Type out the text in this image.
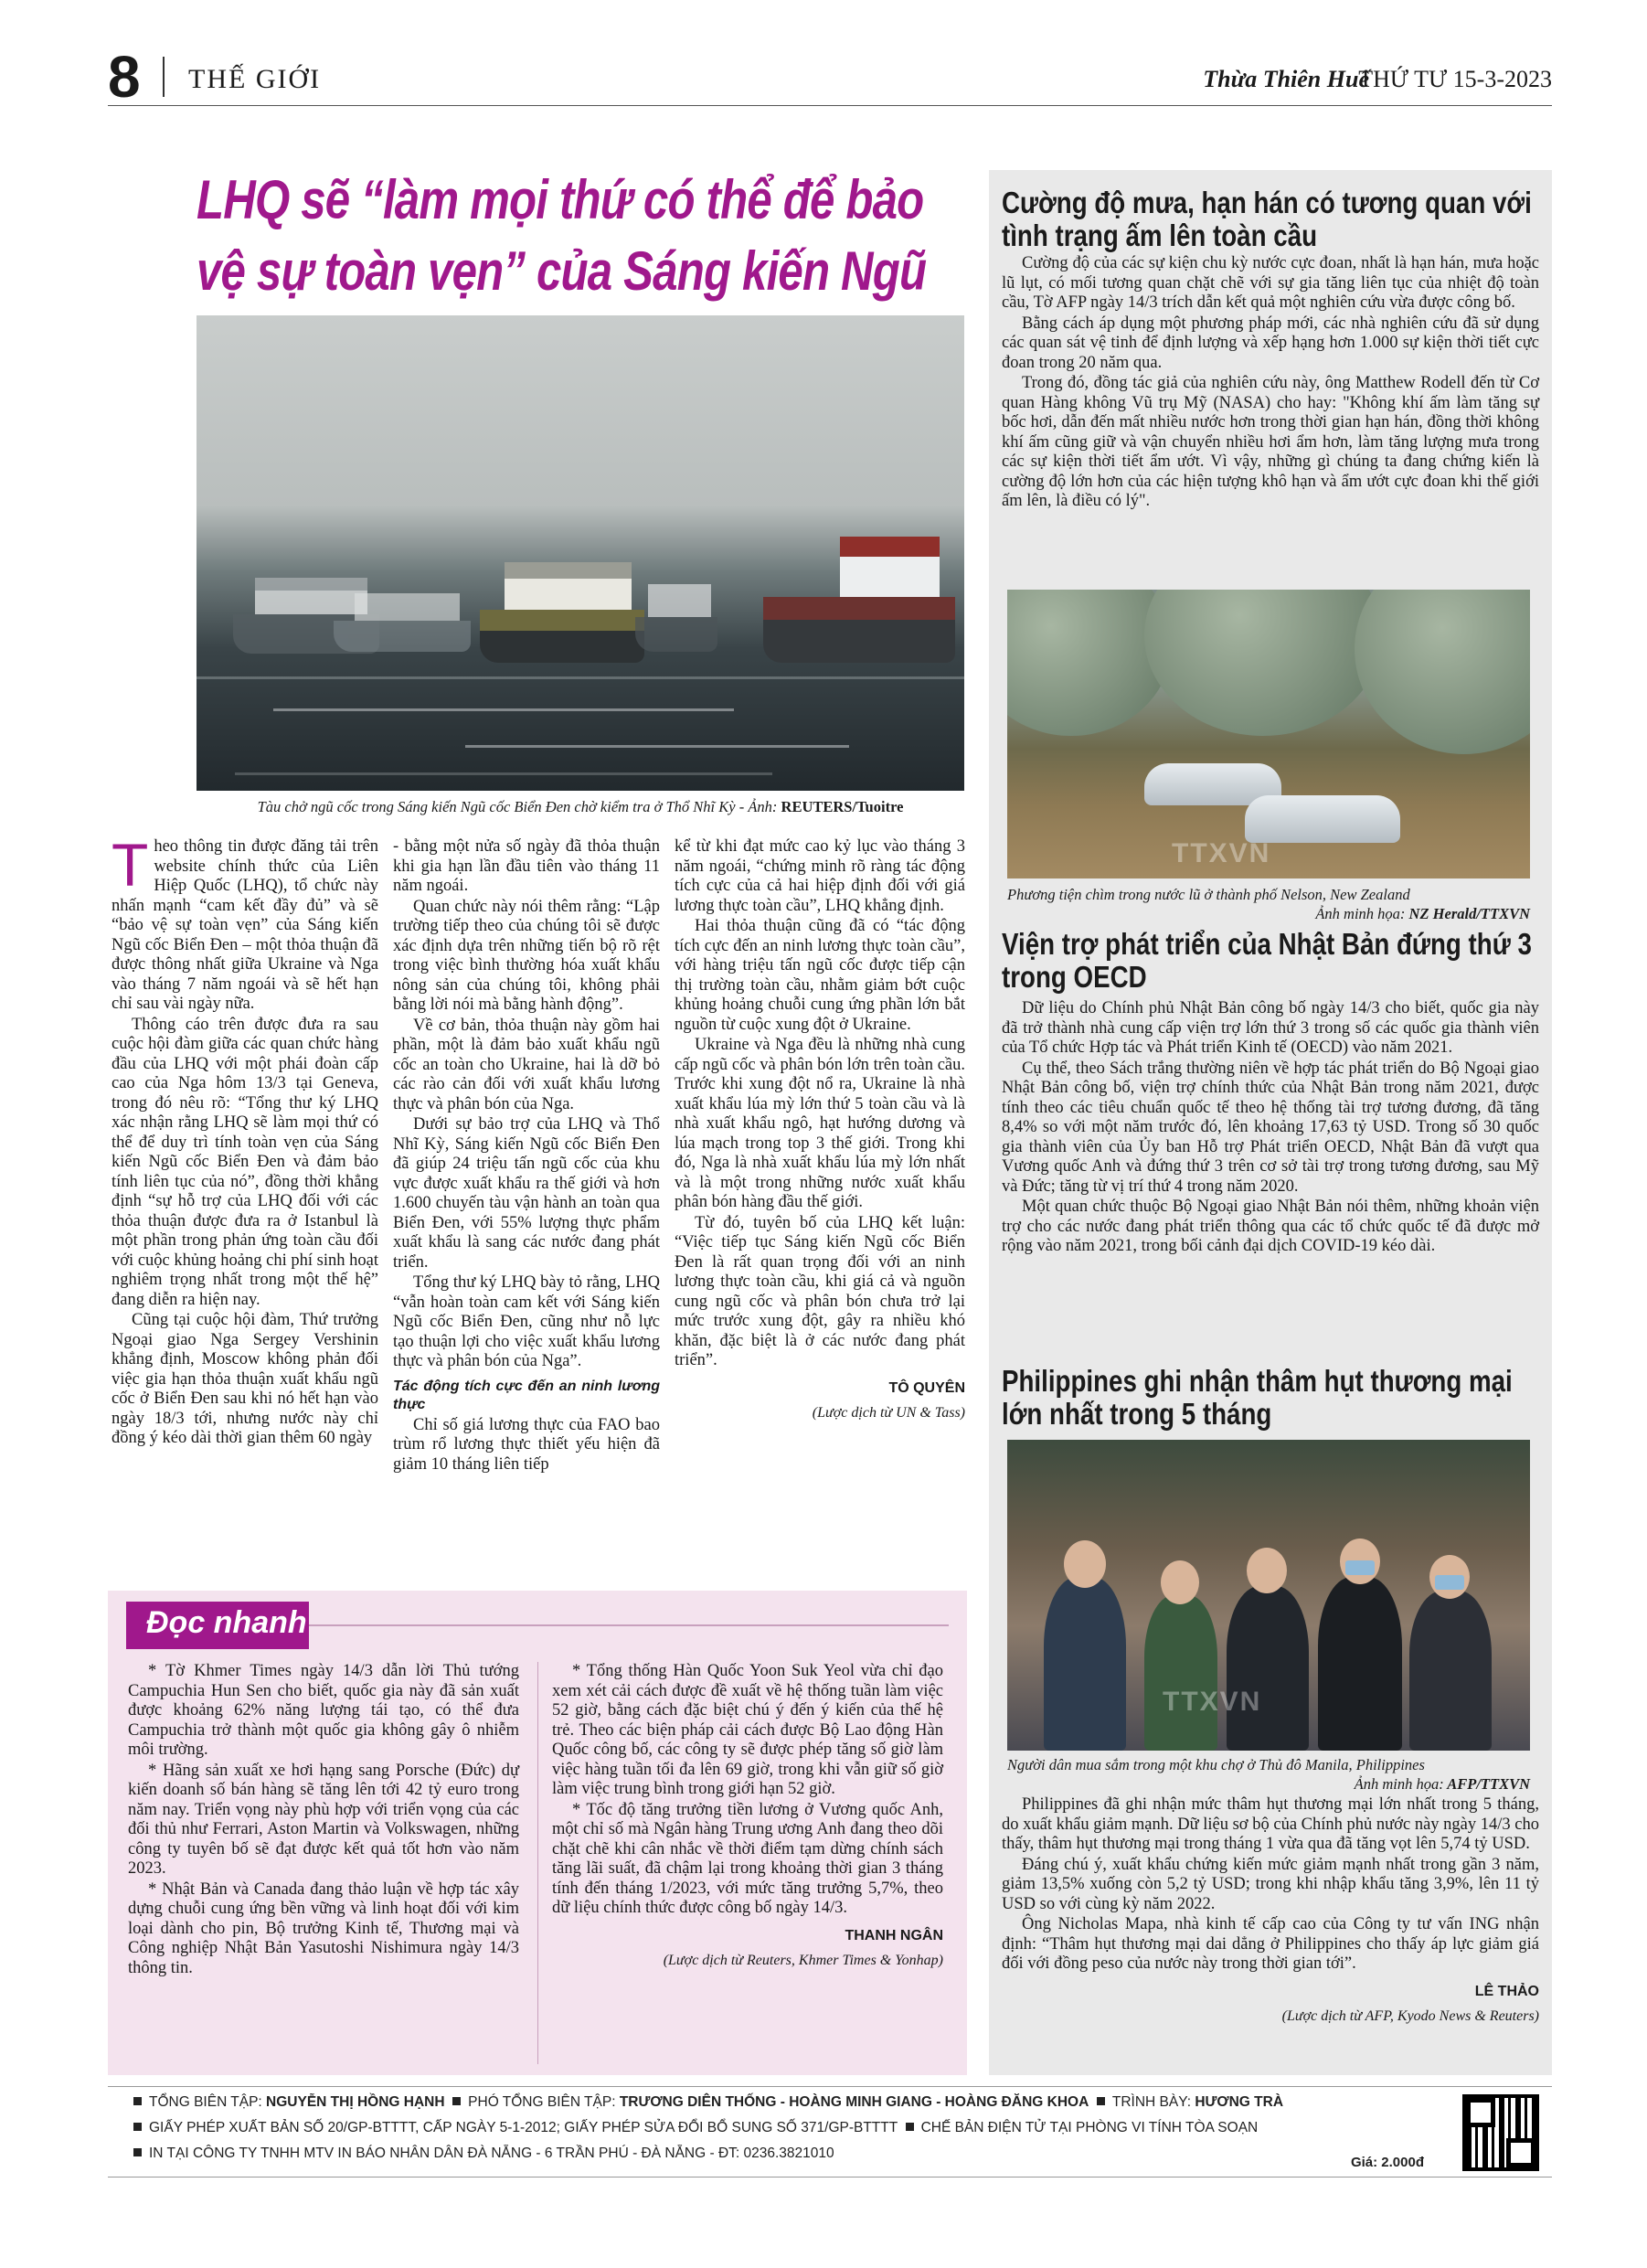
8 THẾ GIỚI	Thừa Thiên Huế
THỨ TƯ 15-3-2023
LHQ sẽ “làm mọi thứ có thể để bảo vệ sự toàn vẹn” của Sáng kiến Ngũ
Tàu chở ngũ cốc trong Sáng kiến Ngũ cốc Biển Đen chờ kiểm tra ở Thổ Nhĩ Kỳ - Ảnh: REUTERS/Tuoitre

Theo thông tin được đăng tải trên website chính thức của Liên Hiệp Quốc (LHQ), tổ chức này nhấn mạnh “cam kết đầy đủ” và sẽ “bảo vệ sự toàn vẹn” của Sáng kiến Ngũ cốc Biển Đen – một thỏa thuận đã được thông nhất giữa Ukraine và Nga vào tháng 7 năm ngoái và sẽ hết hạn chỉ sau vài ngày nữa.

Thông cáo trên được đưa ra sau cuộc hội đàm giữa các quan chức hàng đầu của LHQ với một phái đoàn cấp cao của Nga hôm 13/3 tại Geneva, trong đó nêu rõ: “Tổng thư ký LHQ xác nhận rằng LHQ sẽ làm mọi thứ có thể để duy trì tính toàn vẹn của Sáng kiến Ngũ cốc Biển Đen và đảm bảo tính liên tục của nó”, đồng thời khẳng định “sự hỗ trợ của LHQ đối với các thỏa thuận được đưa ra ở Istanbul là một phần trong phản ứng toàn cầu đối với cuộc khủng hoảng chi phí sinh hoạt nghiêm trọng nhất trong một thế hệ” đang diễn ra hiện nay.

Cũng tại cuộc hội đàm, Thứ trưởng Ngoại giao Nga Sergey Vershinin khẳng định, Moscow không phản đối việc gia hạn thỏa thuận xuất khẩu ngũ cốc ở Biển Đen sau khi nó hết hạn vào ngày 18/3 tới, nhưng nước này chỉ đồng ý kéo dài thời gian thêm 60 ngày

- bằng một nửa số ngày đã thỏa thuận khi gia hạn lần đầu tiên vào tháng 11 năm ngoái.

Quan chức này nói thêm rằng: “Lập trường tiếp theo của chúng tôi sẽ được xác định dựa trên những tiến bộ rõ rệt trong việc bình thường hóa xuất khẩu nông sản của chúng tôi, không phải bằng lời nói mà bằng hành động”.

Về cơ bản, thỏa thuận này gồm hai phần, một là đảm bảo xuất khẩu ngũ cốc an toàn cho Ukraine, hai là dỡ bỏ các rào cản đối với xuất khẩu lương thực và phân bón của Nga.

Dưới sự bảo trợ của LHQ và Thổ Nhĩ Kỳ, Sáng kiến Ngũ cốc Biển Đen đã giúp 24 triệu tấn ngũ cốc của khu vực được xuất khẩu ra thế giới và hơn 1.600 chuyến tàu vận hành an toàn qua Biển Đen, với 55% lượng thực phẩm xuất khẩu là sang các nước đang phát triển.

Tổng thư ký LHQ bày tỏ rằng, LHQ “vẫn hoàn toàn cam kết với Sáng kiến Ngũ cốc Biển Đen, cũng như nỗ lực tạo thuận lợi cho việc xuất khẩu lương thực và phân bón của Nga”.

Tác động tích cực đến an ninh lương thực

Chỉ số giá lương thực của FAO bao trùm rổ lương thực thiết yếu hiện đã giảm 10 tháng liên tiếp

kể từ khi đạt mức cao kỷ lục vào tháng 3 năm ngoái, “chứng minh rõ ràng tác động tích cực của cả hai hiệp định đối với giá lương thực toàn cầu”, LHQ khẳng định.

Hai thỏa thuận cũng đã có “tác động tích cực đến an ninh lương thực toàn cầu”, với hàng triệu tấn ngũ cốc được tiếp cận thị trường toàn cầu, nhằm giảm bớt cuộc khủng hoảng chuỗi cung ứng phần lớn bắt nguồn từ cuộc xung đột ở Ukraine.

Ukraine và Nga đều là những nhà cung cấp ngũ cốc và phân bón lớn trên toàn cầu. Trước khi xung đột nổ ra, Ukraine là nhà xuất khẩu lúa mỳ lớn thứ 5 toàn cầu và là nhà xuất khẩu ngô, hạt hướng dương và lúa mạch trong top 3 thế giới. Trong khi đó, Nga là nhà xuất khẩu lúa mỳ lớn nhất và là một trong những nước xuất khẩu phân bón hàng đầu thế giới.

Từ đó, tuyên bố của LHQ kết luận: “Việc tiếp tục Sáng kiến Ngũ cốc Biển Đen là rất quan trọng đối với an ninh lương thực toàn cầu, khi giá cả và nguồn cung ngũ cốc và phân bón chưa trở lại mức trước xung đột, gây ra nhiều khó khăn, đặc biệt là ở các nước đang phát triển”.

TÔ QUYÊN
(Lược dịch từ UN & Tass)
Đọc nhanh

* Tờ Khmer Times ngày 14/3 dẫn lời Thủ tướng Campuchia Hun Sen cho biết, quốc gia này đã sản xuất được khoảng 62% năng lượng tái tạo, có thể đưa Campuchia trở thành một quốc gia không gây ô nhiễm môi trường.

* Hãng sản xuất xe hơi hạng sang Porsche (Đức) dự kiến doanh số bán hàng sẽ tăng lên tới 42 tỷ euro trong năm nay. Triển vọng này phù hợp với triển vọng của các đối thủ như Ferrari, Aston Martin và Volkswagen, những công ty tuyên bố sẽ đạt được kết quả tốt hơn vào năm 2023.

* Nhật Bản và Canada đang thảo luận về hợp tác xây dựng chuỗi cung ứng bền vững và linh hoạt đối với kim loại dành cho pin, Bộ trưởng Kinh tế, Thương mại và Công nghiệp Nhật Bản Yasutoshi Nishimura ngày 14/3 thông tin.

* Tổng thống Hàn Quốc Yoon Suk Yeol vừa chỉ đạo xem xét cải cách được đề xuất về hệ thống tuần làm việc 52 giờ, bằng cách đặc biệt chú ý đến ý kiến của thế hệ trẻ. Theo các biện pháp cải cách được Bộ Lao động Hàn Quốc công bố, các công ty sẽ được phép tăng số giờ làm việc hàng tuần tối đa lên 69 giờ, trong khi vẫn giữ số giờ làm việc trung bình trong giới hạn 52 giờ.

* Tốc độ tăng trưởng tiền lương ở Vương quốc Anh, một chỉ số mà Ngân hàng Trung ương Anh đang theo dõi chặt chẽ khi cân nhắc về thời điểm tạm dừng chính sách tăng lãi suất, đã chậm lại trong khoảng thời gian 3 tháng tính đến tháng 1/2023, với mức tăng trưởng 5,7%, theo dữ liệu chính thức được công bố ngày 14/3.

THANH NGÂN
(Lược dịch từ Reuters, Khmer Times & Yonhap)
Cường độ mưa, hạn hán có tương quan với tình trạng ấm lên toàn cầu

Cường độ của các sự kiện chu kỳ nước cực đoan, nhất là hạn hán, mưa hoặc lũ lụt, có mối tương quan chặt chẽ với sự gia tăng liên tục của nhiệt độ toàn cầu, Tờ AFP ngày 14/3 trích dẫn kết quả một nghiên cứu vừa được công bố.

Bằng cách áp dụng một phương pháp mới, các nhà nghiên cứu đã sử dụng các quan sát vệ tinh để định lượng và xếp hạng hơn 1.000 sự kiện thời tiết cực đoan trong 20 năm qua.

Trong đó, đồng tác giả của nghiên cứu này, ông Matthew Rodell đến từ Cơ quan Hàng không Vũ trụ Mỹ (NASA) cho hay: "Không khí ấm làm tăng sự bốc hơi, dẫn đến mất nhiều nước hơn trong thời gian hạn hán, đồng thời không khí ấm cũng giữ và vận chuyển nhiều hơi ẩm hơn, làm tăng lượng mưa trong các sự kiện thời tiết ẩm ướt. Vì vậy, những gì chúng ta đang chứng kiến là cường độ lớn hơn của các hiện tượng khô hạn và ẩm ướt cực đoan khi thế giới ấm lên, là điều có lý".

TTXVN
Phương tiện chìm trong nước lũ ở thành phố Nelson, New Zealand
Ảnh minh họa: NZ Herald/TTXVN
Viện trợ phát triển của Nhật Bản đứng thứ 3 trong OECD

Dữ liệu do Chính phủ Nhật Bản công bố ngày 14/3 cho biết, quốc gia này đã trở thành nhà cung cấp viện trợ lớn thứ 3 trong số các quốc gia thành viên của Tổ chức Hợp tác và Phát triển Kinh tế (OECD) vào năm 2021.

Cụ thể, theo Sách trắng thường niên về hợp tác phát triển do Bộ Ngoại giao Nhật Bản công bố, viện trợ chính thức của Nhật Bản trong năm 2021, được tính theo các tiêu chuẩn quốc tế theo hệ thống tài trợ tương đương, đã tăng 8,4% so với một năm trước đó, lên khoảng 17,63 tỷ USD. Trong số 30 quốc gia thành viên của Ủy ban Hỗ trợ Phát triển OECD, Nhật Bản đã vượt qua Vương quốc Anh và đứng thứ 3 trên cơ sở tài trợ trong tương đương, sau Mỹ và Đức; tăng từ vị trí thứ 4 trong năm 2020.

Một quan chức thuộc Bộ Ngoại giao Nhật Bản nói thêm, những khoản viện trợ cho các nước đang phát triển thông qua các tổ chức quốc tế đã được mở rộng vào năm 2021, trong bối cảnh đại dịch COVID-19 kéo dài.

Philippines ghi nhận thâm hụt thương mại lớn nhất trong 5 tháng
TTXVN
Người dân mua sắm trong một khu chợ ở Thủ đô Manila, Philippines
Ảnh minh họa: AFP/TTXVN

Philippines đã ghi nhận mức thâm hụt thương mại lớn nhất trong 5 tháng, do xuất khẩu giảm mạnh. Dữ liệu sơ bộ của Chính phủ nước này ngày 14/3 cho thấy, thâm hụt thương mại trong tháng 1 vừa qua đã tăng vọt lên 5,74 tỷ USD.

Đáng chú ý, xuất khẩu chứng kiến mức giảm mạnh nhất trong gần 3 năm, giảm 13,5% xuống còn 5,2 tỷ USD; trong khi nhập khẩu tăng 3,9%, lên 11 tỷ USD so với cùng kỳ năm 2022.

Ông Nicholas Mapa, nhà kinh tế cấp cao của Công ty tư vấn ING nhận định: “Thâm hụt thương mại dai dẳng ở Philippines cho thấy áp lực giảm giá đối với đồng peso của nước này trong thời gian tới”.

LÊ THẢO
(Lược dịch từ AFP, Kyodo News & Reuters)
TỔNG BIÊN TẬP: NGUYỄN THỊ HỒNG HẠNH PHÓ TỔNG BIÊN TẬP: TRƯƠNG DIÊN THỐNG - HOÀNG MINH GIANG - HOÀNG ĐĂNG KHOA TRÌNH BÀY: HƯƠNG TRÀ
GIẤY PHÉP XUẤT BẢN SỐ 20/GP-BTTTT, CẤP NGÀY 5-1-2012; GIẤY PHÉP SỬA ĐỔI BỔ SUNG SỐ 371/GP-BTTTT CHẾ BẢN ĐIỆN TỬ TẠI PHÒNG VI TÍNH TÒA SOẠN
IN TẠI CÔNG TY TNHH MTV IN BÁO NHÂN DÂN ĐÀ NẴNG - 6 TRẦN PHÚ - ĐÀ NẴNG - ĐT: 0236.3821010
Giá: 2.000đ
